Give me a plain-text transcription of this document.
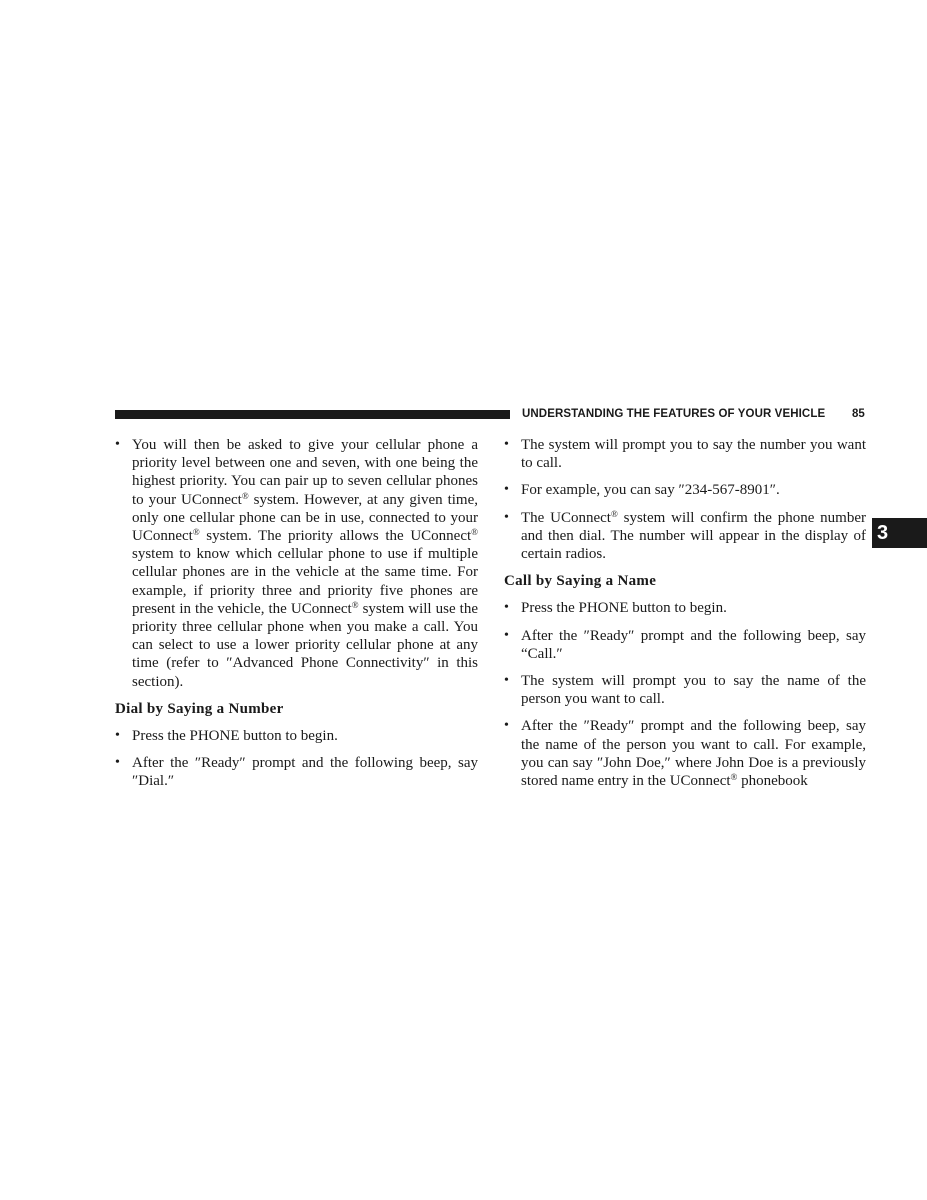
UNDERSTANDING THE FEATURES OF YOUR VEHICLE 85
3

• You will then be asked to give your cellular phone a priority level between one and seven, with one being the highest priority. You can pair up to seven cellular phones to your UConnect® system. However, at any given time, only one cellular phone can be in use, connected to your UConnect® system. The priority allows the UConnect® system to know which cellular phone to use if multiple cellular phones are in the vehicle at the same time. For example, if priority three and priority five phones are present in the vehicle, the UConnect® system will use the priority three cellular phone when you make a call. You can select to use a lower priority cellular phone at any time (refer to ″Advanced Phone Connectivity″ in this section).

Dial by Saying a Number

• Press the PHONE button to begin.

• After the ″Ready″ prompt and the following beep, say ″Dial.″

• The system will prompt you to say the number you want to call.

• For example, you can say ″234-567-8901″.

• The UConnect® system will confirm the phone number and then dial. The number will appear in the display of certain radios.

Call by Saying a Name

• Press the PHONE button to begin.

• After the ″Ready″ prompt and the following beep, say “Call.″

• The system will prompt you to say the name of the person you want to call.

• After the ″Ready″ prompt and the following beep, say the name of the person you want to call. For example, you can say ″John Doe,″ where John Doe is a previously stored name entry in the UConnect® phonebook
